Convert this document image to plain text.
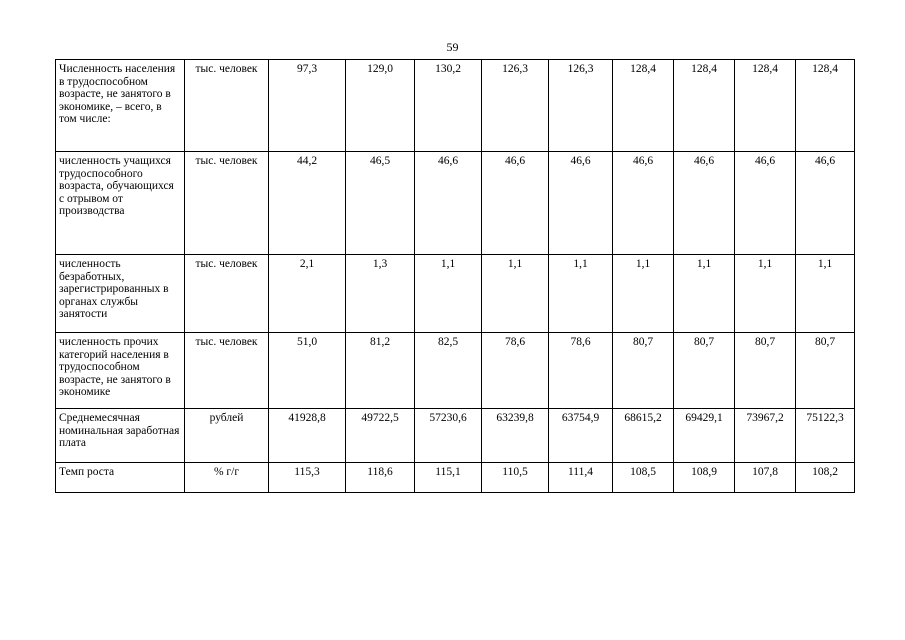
59
Численность населения в трудоспособном возрасте, не занятого в экономике, – всего, в том числе:	тыс. человек	97,3	129,0	130,2	126,3	126,3	128,4	128,4	128,4	128,4
численность учащихся трудоспособного возраста, обучающихся с отрывом от производства	тыс. человек	44,2	46,5	46,6	46,6	46,6	46,6	46,6	46,6	46,6
численность безработных, зарегистрированных в органах службы занятости	тыс. человек	2,1	1,3	1,1	1,1	1,1	1,1	1,1	1,1	1,1
численность прочих категорий населения в трудоспособном возрасте, не занятого в экономике	тыс. человек	51,0	81,2	82,5	78,6	78,6	80,7	80,7	80,7	80,7
Среднемесячная номинальная заработная плата	рублей	41928,8	49722,5	57230,6	63239,8	63754,9	68615,2	69429,1	73967,2	75122,3
Темп роста	% г/г	115,3	118,6	115,1	110,5	111,4	108,5	108,9	107,8	108,2
